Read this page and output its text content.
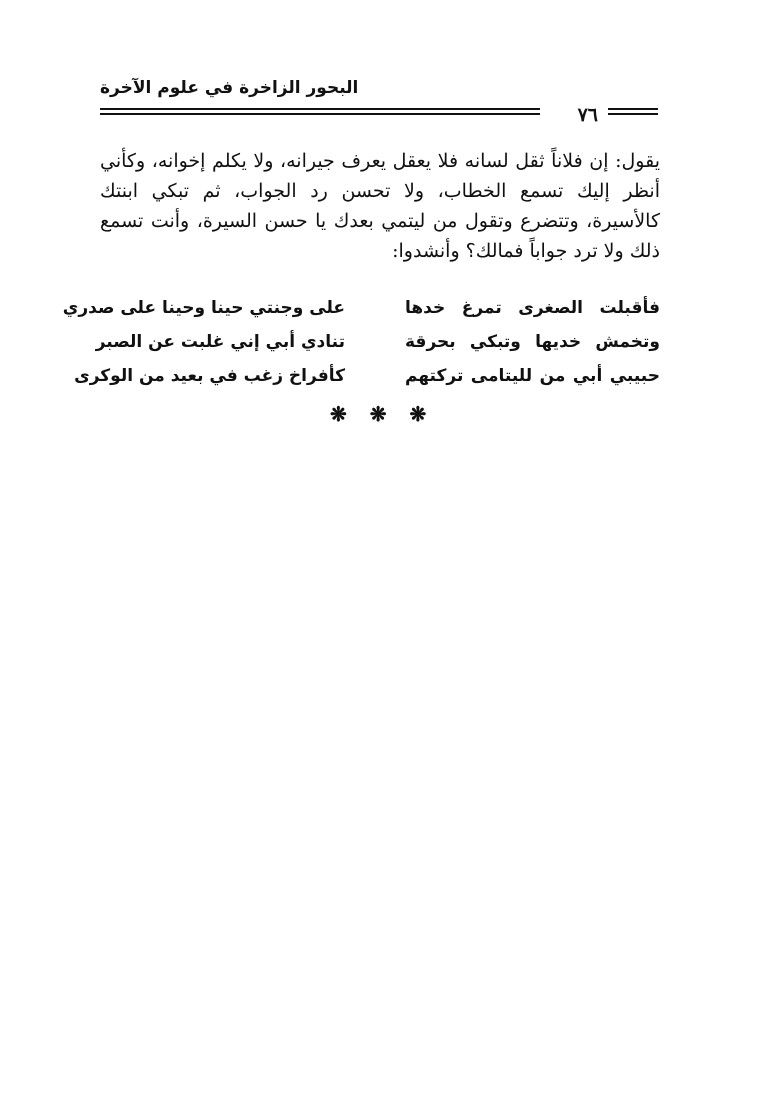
البحور الزاخرة في علوم الآخرة
٧٦
يقول: إن فلاناً ثقل لسانه فلا يعقل يعرف جيرانه، ولا يكلم إخوانه، وكأني
أنظر إليك تسمع الخطاب، ولا تحسن رد الجواب، ثم تبكي ابنتك
كالأسيرة، وتتضرع وتقول من ليتمي بعدك يا حسن السيرة، وأنت تسمع
ذلك ولا ترد جواباً فمالك؟ وأنشدوا:
فأقبلت الصغرى تمرغ خدها
على وجنتي حينا وحينا على صدري
وتخمش خديها وتبكي بحرقة
تنادي أبي إني غلبت عن الصبر
حبيبي أبي من لليتامى تركتهم
كأفراخ زغب في بعيد من الوكرى
❋ ❋ ❋
